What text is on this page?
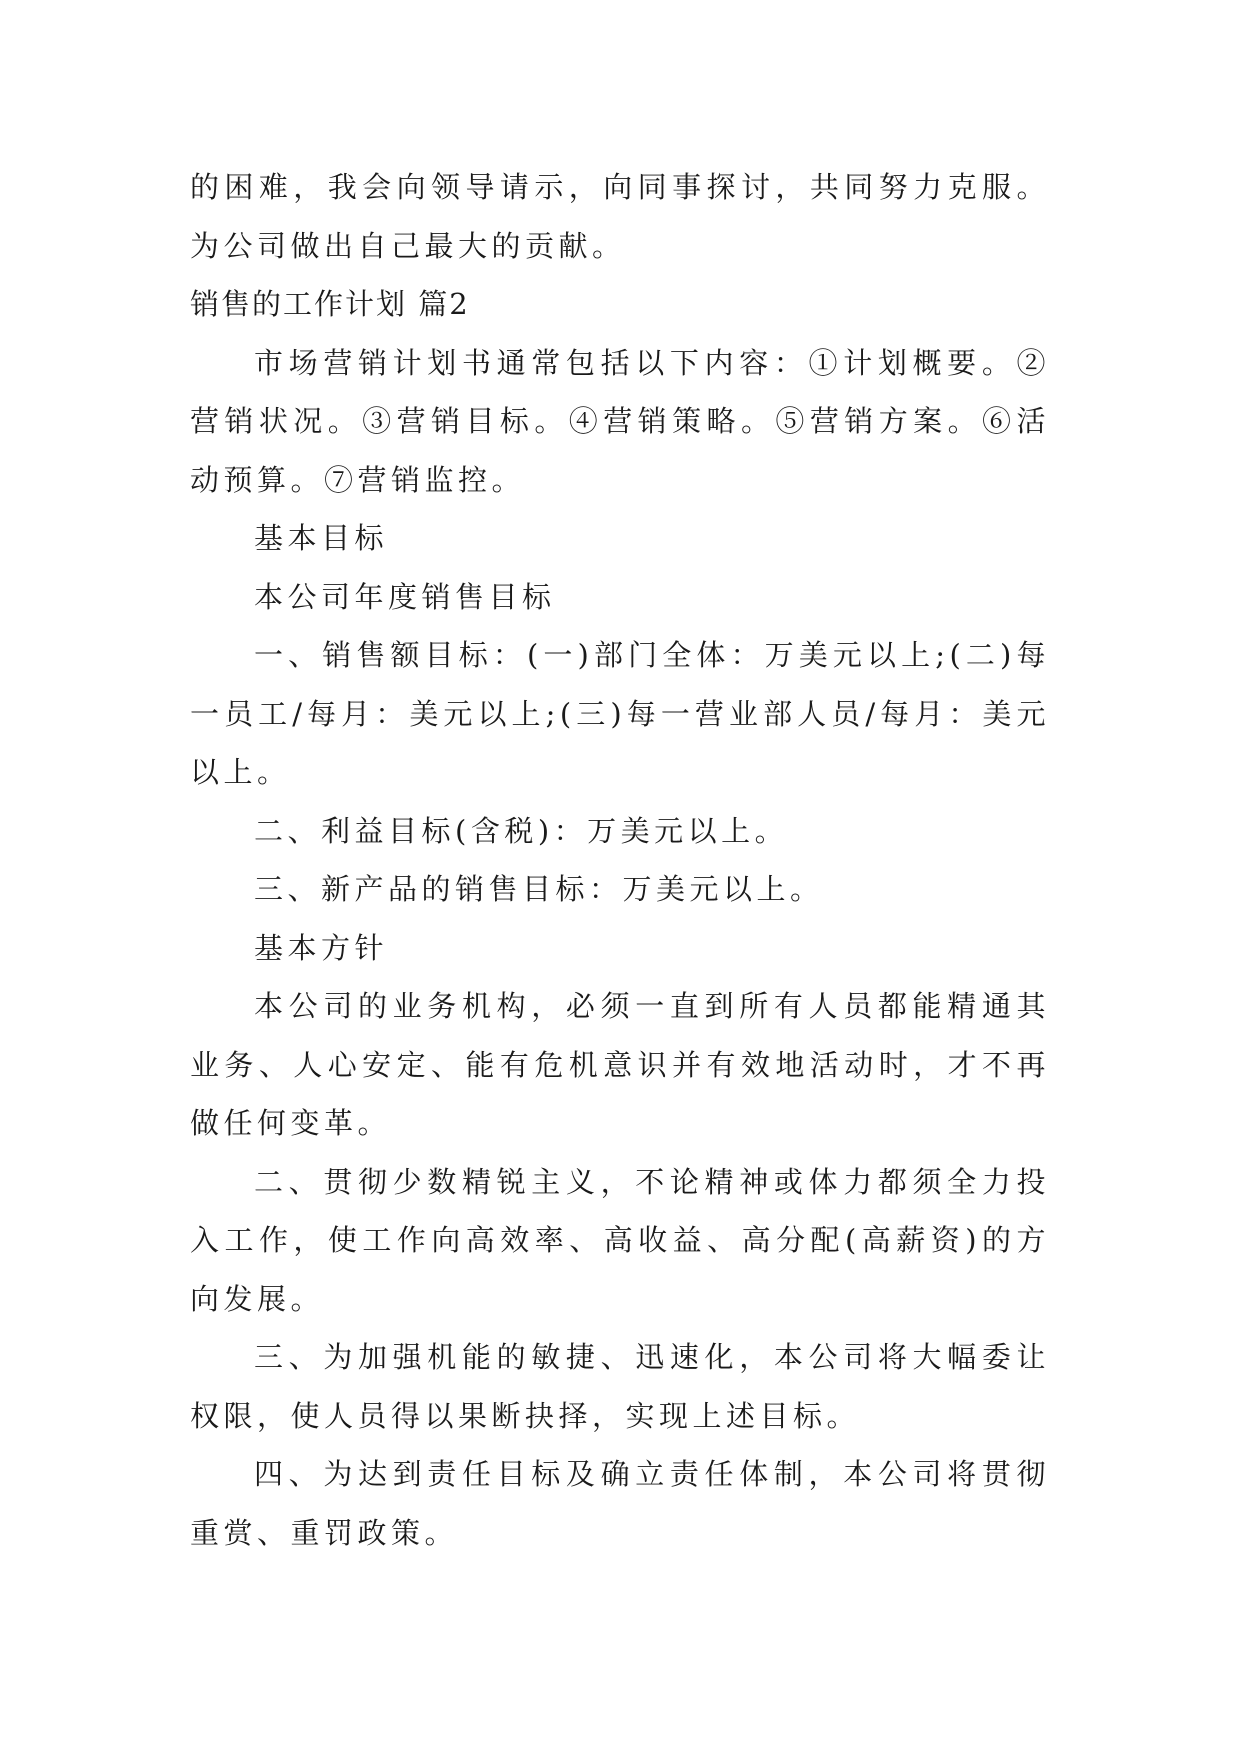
的困难，我会向领导请示，向同事探讨，共同努力克服。为公司做出自己最大的贡献。

销售的工作计划 篇2

市场营销计划书通常包括以下内容：①计划概要。②营销状况。③营销目标。④营销策略。⑤营销方案。⑥活动预算。⑦营销监控。

基本目标

本公司年度销售目标

一、销售额目标：(一)部门全体：万美元以上;(二)每一员工/每月：美元以上;(三)每一营业部人员/每月：美元以上。

二、利益目标(含税)：万美元以上。

三、新产品的销售目标：万美元以上。

基本方针

本公司的业务机构，必须一直到所有人员都能精通其业务、人心安定、能有危机意识并有效地活动时，才不再做任何变革。

二、贯彻少数精锐主义，不论精神或体力都须全力投入工作，使工作向高效率、高收益、高分配(高薪资)的方向发展。

三、为加强机能的敏捷、迅速化，本公司将大幅委让权限，使人员得以果断抉择，实现上述目标。

四、为达到责任目标及确立责任体制，本公司将贯彻重赏、重罚政策。
